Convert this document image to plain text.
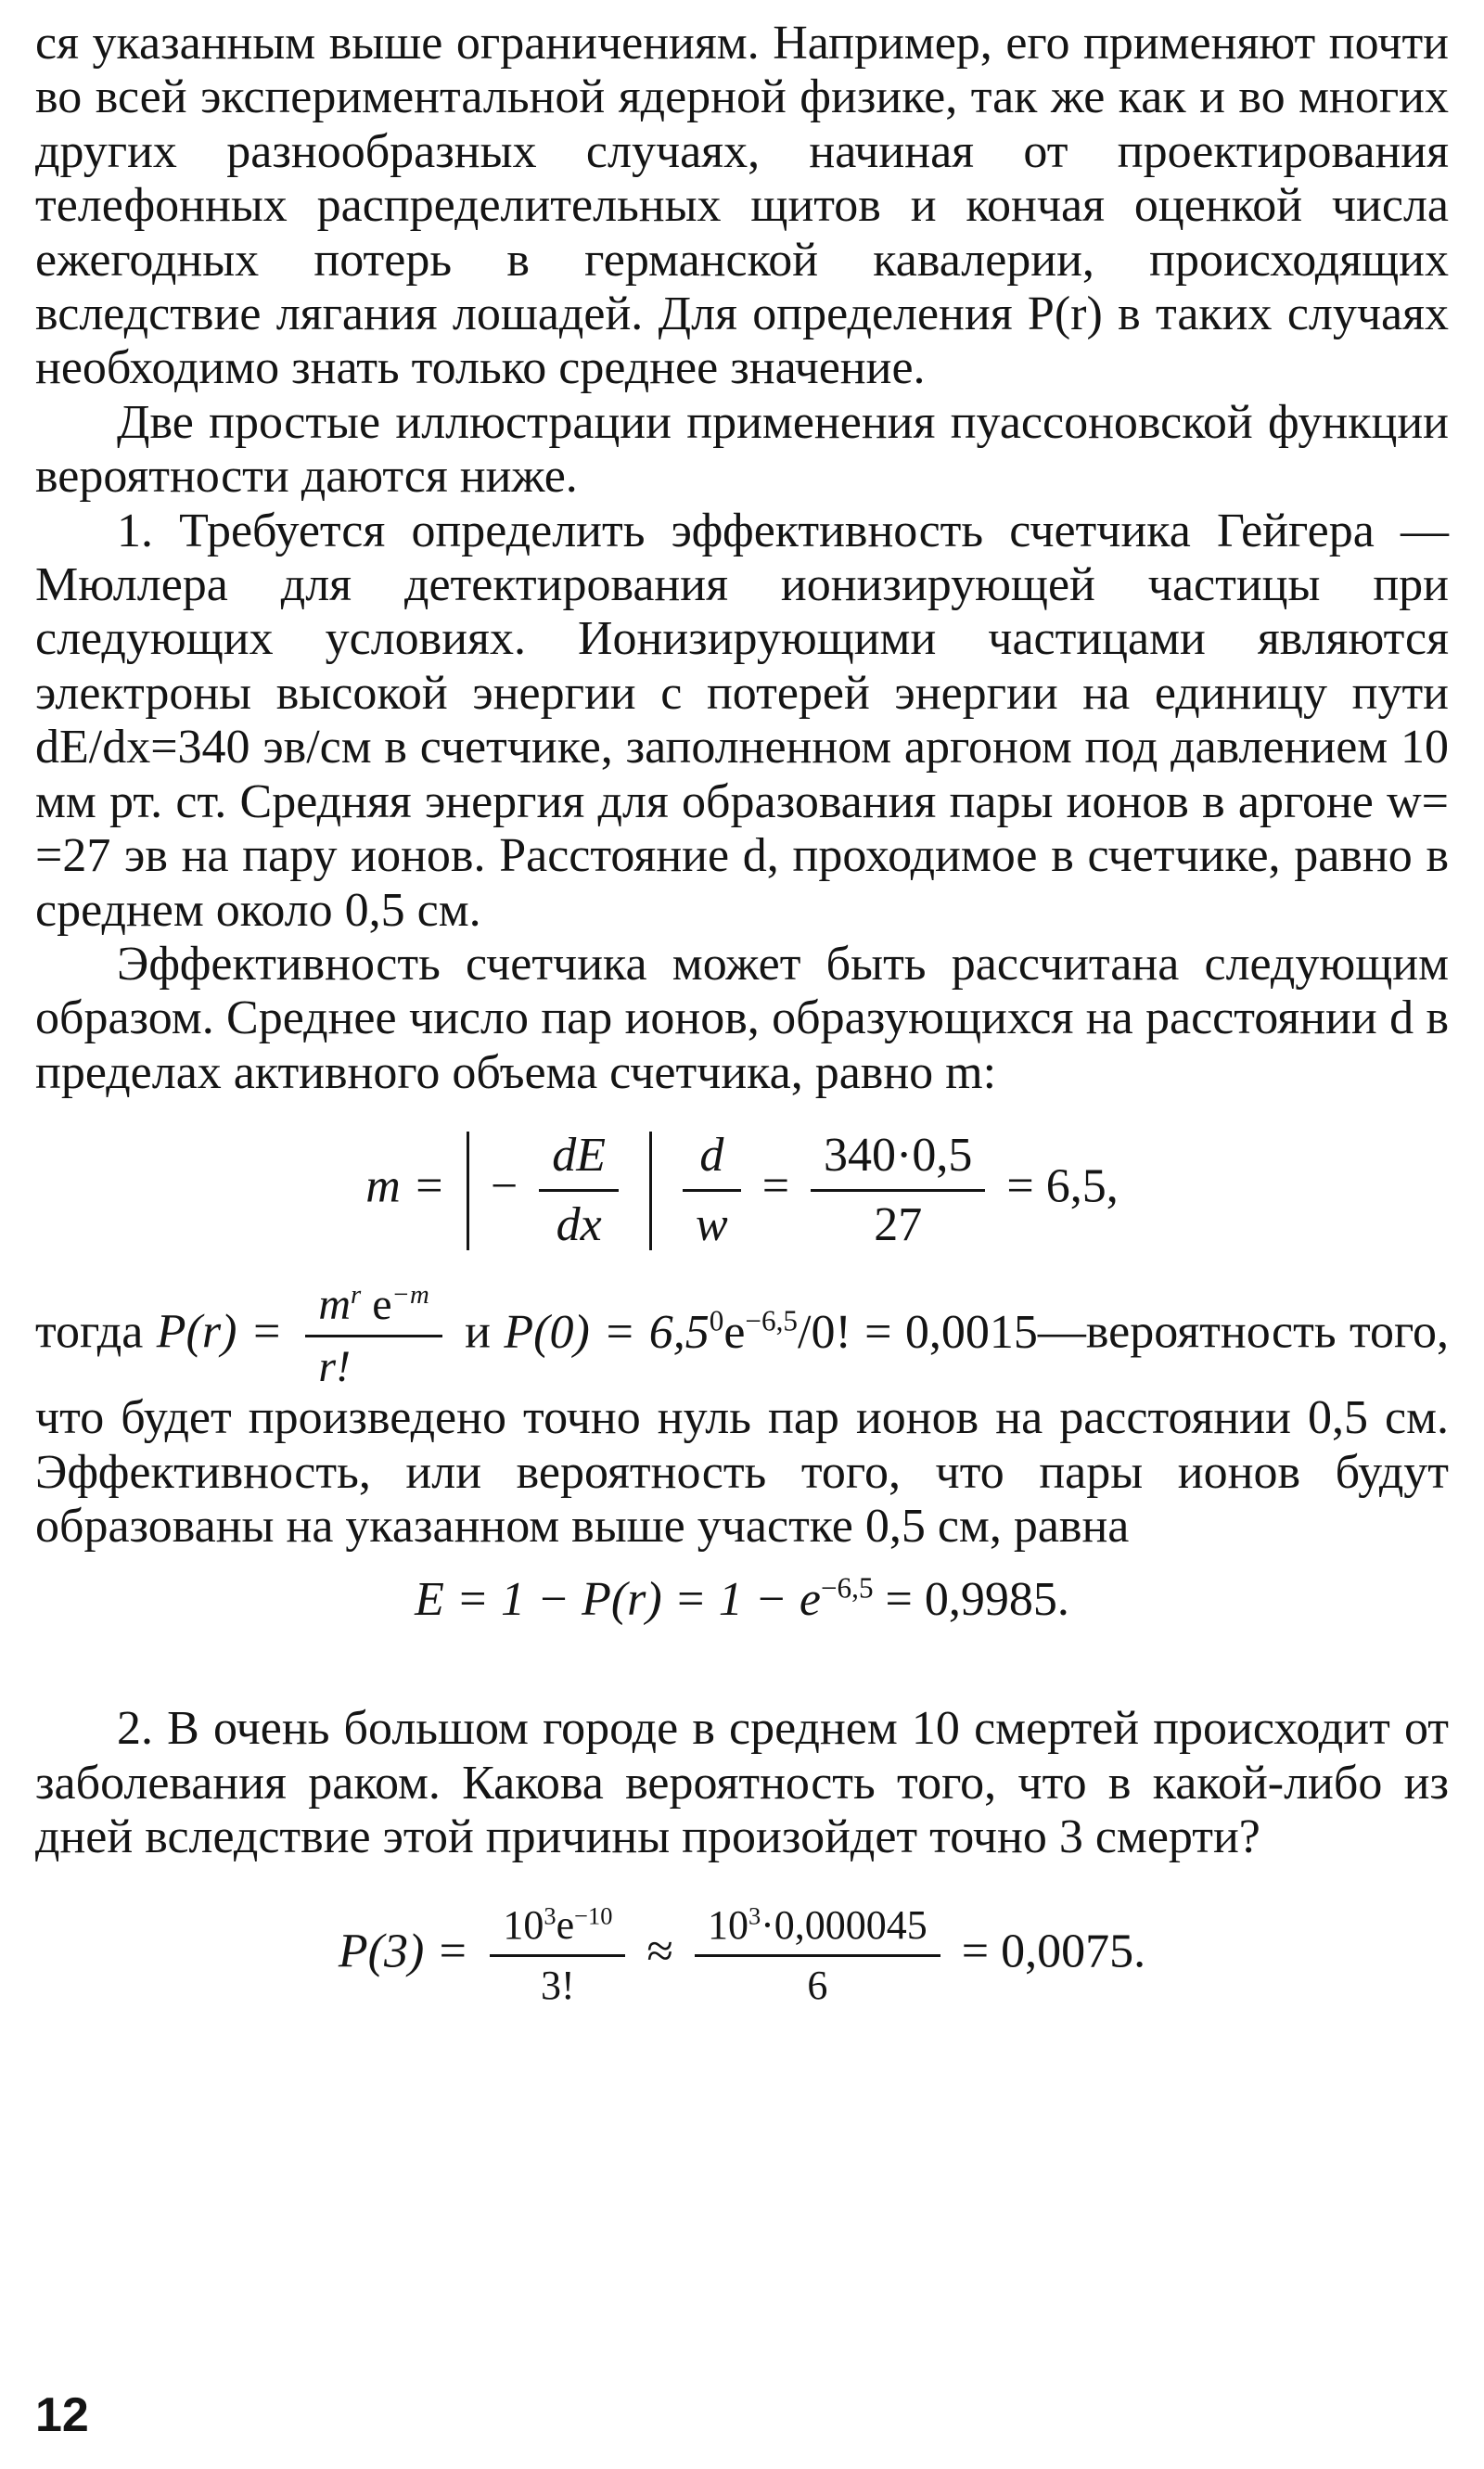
ся указанным выше ограничениям. Например, его применяют почти во всей экспериментальной ядерной физике, так же как и во многих других разнообразных случаях, начиная от проектирования телефонных распределительных щитов и кончая оценкой числа ежегодных потерь в германской кавалерии, происходящих вследствие лягания лошадей. Для определения P(r) в таких случаях необходимо знать только среднее значение.

Две простые иллюстрации применения пуассоновской функции вероятности даются ниже.

1. Требуется определить эффективность счетчика Гейгера — Мюллера для детектирования ионизирующей частицы при следующих условиях. Ионизирующими частицами являются электроны высокой энергии с потерей энергии на единицу пути dE/dx=340 эв/см в счетчике, заполненном аргоном под давлением 10 мм рт. ст. Средняя энергия для образования пары ионов в аргоне w= =27 эв на пару ионов. Расстояние d, проходимое в счетчике, равно в среднем около 0,5 см.

Эффективность счетчика может быть рассчитана следующим образом. Среднее число пар ионов, образующихся на расстоянии d в пределах активного объема счетчика, равно m:

m = − $\frac{dE}{dx}$
$\frac{d}{w} = \frac{340\cdot 0,5}{27} = 6,5$,

тогда $P(r) = \frac{m^r e^{-m}}{r!}$ и $P(0) = 6,5^0e^{-6,5}/0$! = 0,0015—вероятность того, что будет произведено точно нуль пар ионов на расстоянии 0,5 см. Эффективность, или вероятность того, что пары ионов будут образованы на указанном выше участке 0,5 см, равна

$E = 1 - P(r) = 1 - e^{-6,5} = 0,9985$.

2. В очень большом городе в среднем 10 смертей происходит от заболевания раком. Какова вероятность того, что в какой-либо из дней вследствие этой причины произойдет точно 3 смерти?

$P(3) = \frac{10^3e^{-10}}{3!} \approx \frac{10^3\cdot 0,000045}{6} = 0,0075$.
12
